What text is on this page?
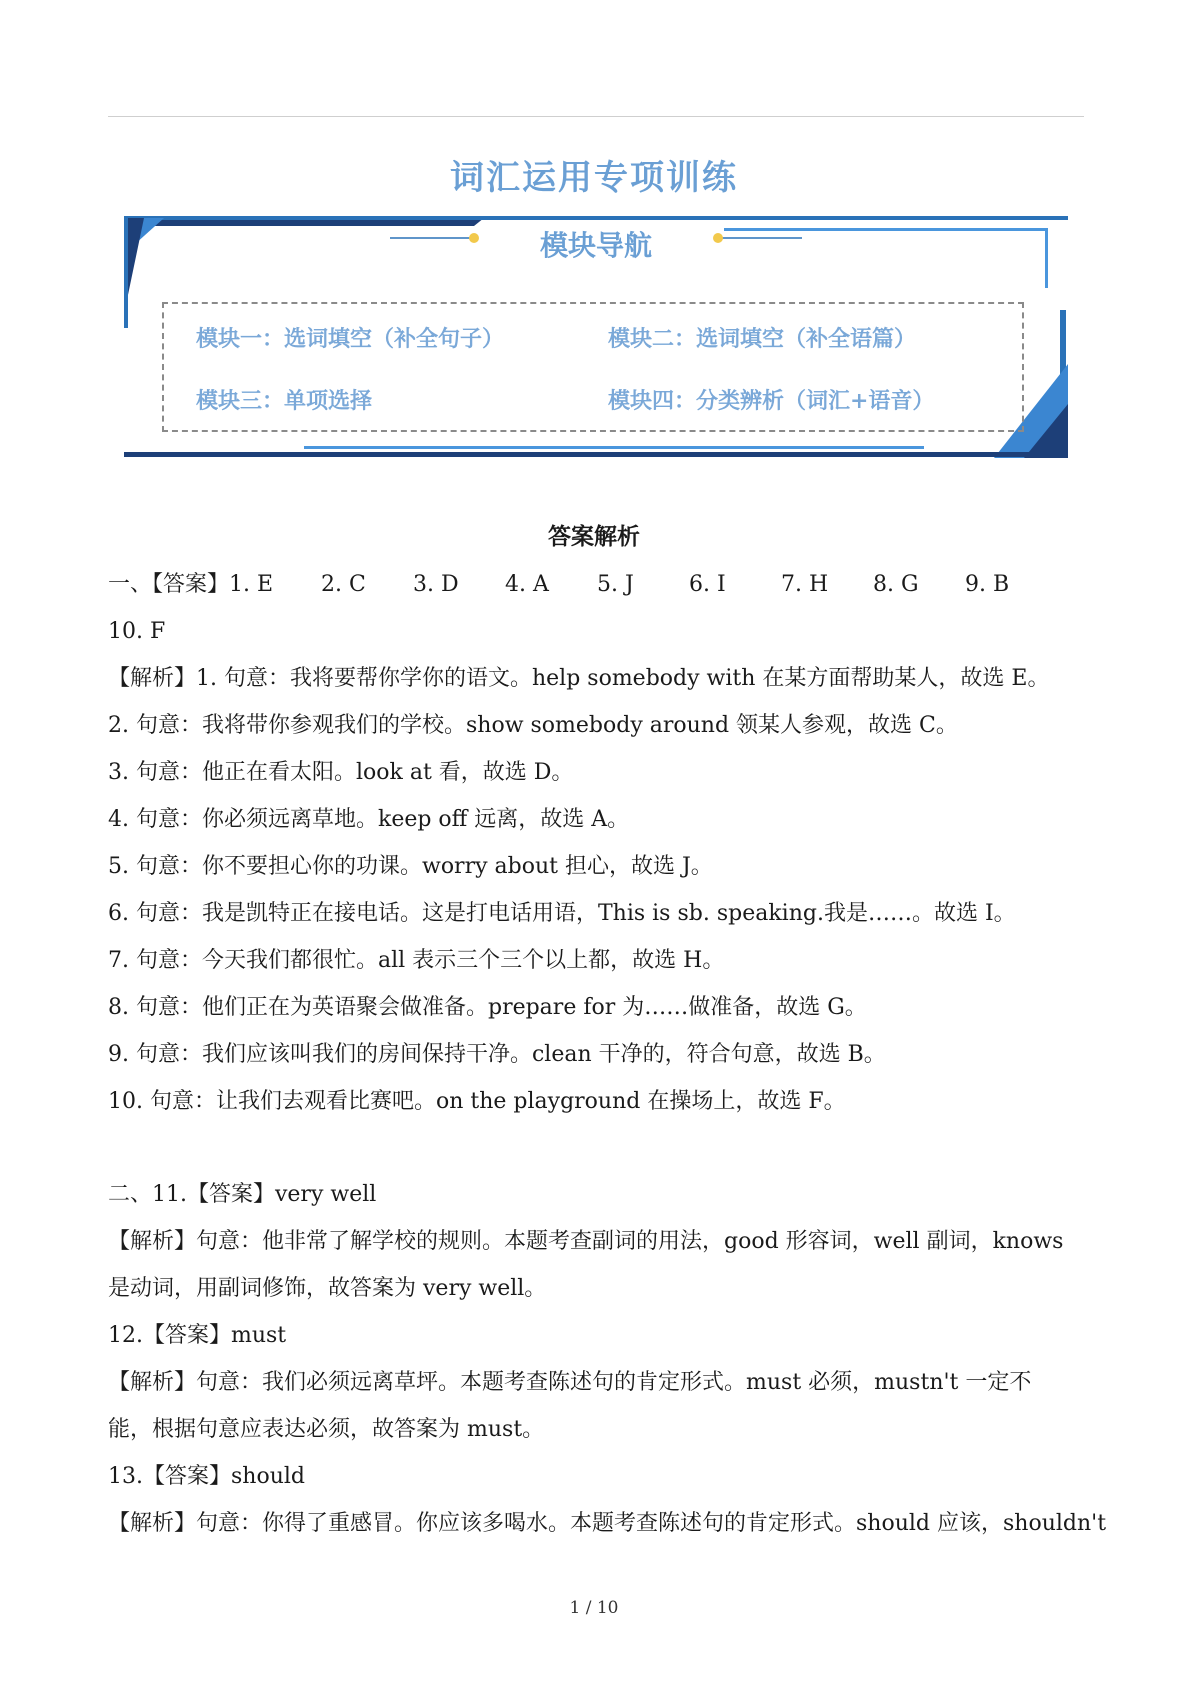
词汇运用专项训练
模块导航
模块一：选词填空（补全句子）	模块二：选词填空（补全语篇）
模块三：单项选择	模块四：分类辨析（词汇+语音）
答案解析
一、【答案】1. E 2. C 3. D 4. A 5. J	6. I	7. H 8. G 9. B
10. F
【解析】1. 句意：我将要帮你学你的语文。help somebody with 在某方面帮助某人，故选 E。
2. 句意：我将带你参观我们的学校。show somebody around 领某人参观，故选 C。
3. 句意：他正在看太阳。look at 看，故选 D。
4. 句意：你必须远离草地。keep off 远离，故选 A。
5. 句意：你不要担心你的功课。worry about 担心，故选 J。
6. 句意：我是凯特正在接电话。这是打电话用语，This is sb. speaking.我是……。故选 I。
7. 句意：今天我们都很忙。all 表示三个三个以上都，故选 H。
8. 句意：他们正在为英语聚会做准备。prepare for 为……做准备，故选 G。
9. 句意：我们应该叫我们的房间保持干净。clean 干净的，符合句意，故选 B。
10. 句意：让我们去观看比赛吧。on the playground 在操场上，故选 F。
二、11.【答案】very well
【解析】句意：他非常了解学校的规则。本题考查副词的用法，good 形容词，well 副词，knows
是动词，用副词修饰，故答案为 very well。
12.【答案】must
【解析】句意：我们必须远离草坪。本题考查陈述句的肯定形式。must 必须，mustn't 一定不
能，根据句意应表达必须，故答案为 must。
13.【答案】should
【解析】句意：你得了重感冒。你应该多喝水。本题考查陈述句的肯定形式。should 应该，shouldn't
1 / 10
